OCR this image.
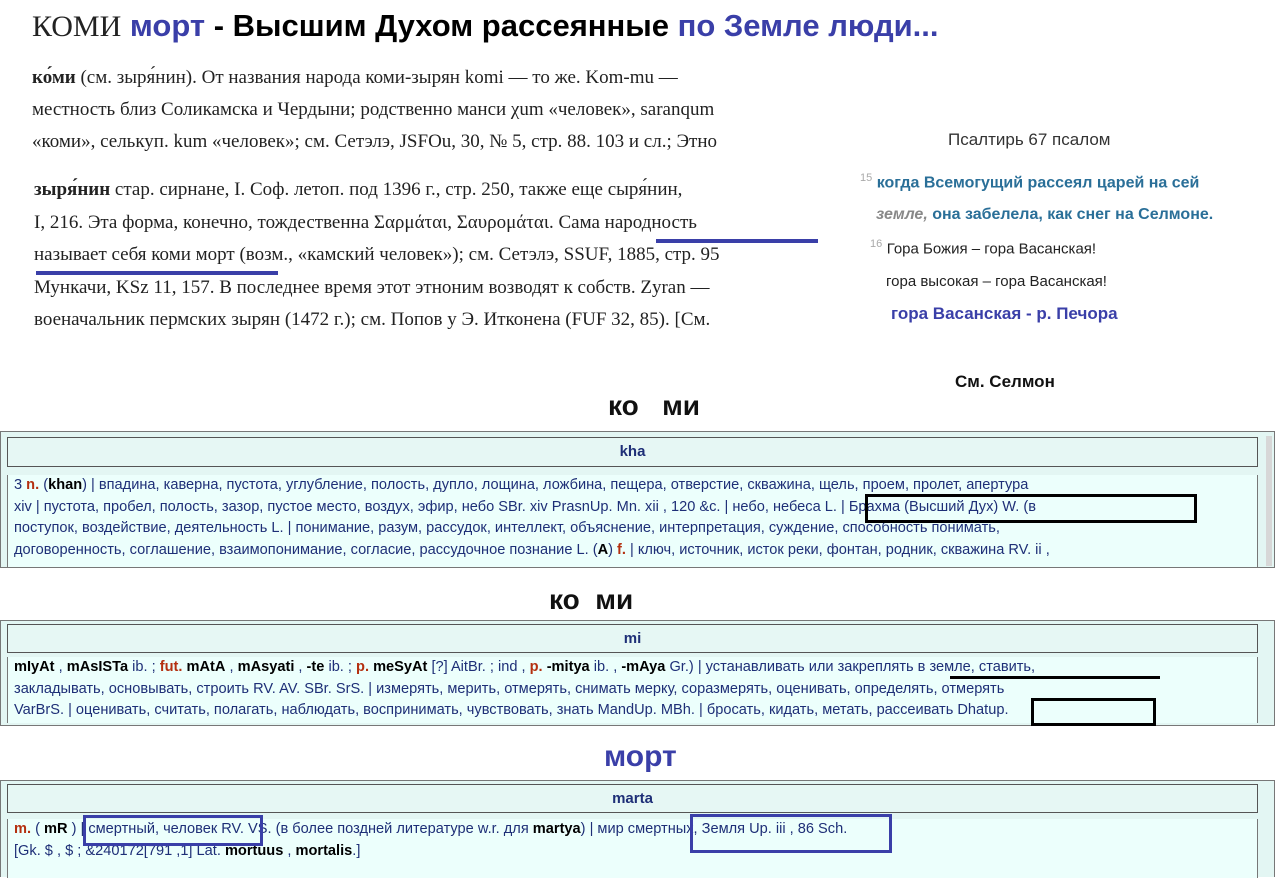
КОМИ морт - Высшим Духом рассеянные по Земле люди...
ко́ми (см. зыря́нин). От названия народа коми-зырян komi — то же. Kom-mu —
местность близ Соликамска и Чердыни; родственно манси χum «человек», saranqum
«коми», селькуп. kum «человек»; см. Сетэлэ, JSFOu, 30, № 5, стр. 88. 103 и сл.; Этно
зыря́нин стар. сирнане, I. Соф. летоп. под 1396 г., стр. 250, также еще сыря́нин,
I, 216. Эта форма, конечно, тождественна Σαρμάται, Σαυρομάται. Сама народность
называет себя коми морт (возм., «камский человек»); см. Сетэлэ, SSUF, 1885, стр. 95
Мункачи, KSz 11, 157. В последнее время этот этноним возводят к собств. Zyran —
военачальник пермских зырян (1472 г.); см. Попов у Э. Итконена (FUF 32, 85). [См.
Псалтирь 67 псалом
$^{15}$ когда Всемогущий рассеял царей на сей
земле, она забелела, как снег на Селмоне.
$^{16}$ Гора Божия – гора Васанская!
гора высокая – гора Васанская!
гора Васанская - р. Печора
См. Селмон
ко   ми
kha
3 n. (khan) | впадина, каверна, пустота, углубление, полость, дупло, лощина, ложбина, пещера, отверстие, скважина, щель, проем, пролет, апертура
xiv | пустота, пробел, полость, зазор, пустое место, воздух, эфир, небо SBr. xiv PrasnUp. Mn. xii , 120 &c. | небо, небеса L. | Брахма (Высший Дух) W. (в
поступок, воздействие, деятельность L. | понимание, разум, рассудок, интеллект, объяснение, интерпретация, суждение, способность понимать,
договоренность, соглашение, взаимопонимание, согласие, рассудочное познание L. (A) f. | ключ, источник, исток реки, фонтан, родник, скважина RV. ii ,
ко  ми
mi
mIyAt , mAsISTa ib. ; fut. mAtA , mAsyati , -te ib. ; p. meSyAt [?] AitBr. ; ind , p. -mitya ib. , -mAya Gr.) | устанавливать или закреплять в земле, ставить,
закладывать, основывать, строить RV. AV. SBr. SrS. | измерять, мерить, отмерять, снимать мерку, соразмерять, оценивать, определять, отмерять
VarBrS. | оценивать, считать, полагать, наблюдать, воспринимать, чувствовать, знать MandUp. MBh. | бросать, кидать, метать, рассеивать Dhatup.
морт
marta
m. ( mR ) | смертный, человек RV. VS. (в более поздней литературе w.r. для martya) | мир смертных, Земля Up. iii , 86 Sch.
[Gk. $ , $ ; &240172[791 ,1] Lat. mortuus , mortalis.]
